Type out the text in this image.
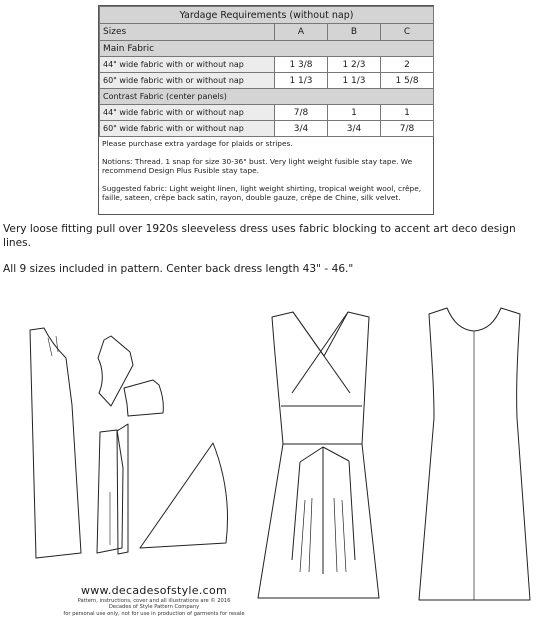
Yardage Requirements (without nap)			
Sizes	A	B	C
Main Fabric			
44" wide fabric with or without nap	1 3/8	1 2/3	2
60" wide fabric with or without nap	1 1/3	1 1/3	1 5/8
Contrast Fabric (center panels)			
44" wide fabric with or without nap	7/8	1	1
60" wide fabric with or without nap	3/4	3/4	7/8

Please purchase extra yardage for plaids or stripes.

Notions: Thread. 1 snap for size 30-36" bust. Very light weight fusible stay tape. We recommend Design Plus Fusible stay tape.

Suggested fabric: Light weight linen, light weight shirting, tropical weight wool, crêpe, faille, sateen, crêpe back satin, rayon, double gauze, crêpe de Chine, silk velvet.

Very loose fitting pull over 1920s sleeveless dress uses fabric blocking to accent art deco design lines.

All 9 sizes included in pattern. Center back dress length 43" - 46."

www.decadesofstyle.com
Pattern, instructions, cover and all illustrations are © 2016
Decades of Style Pattern Company
for personal use only, not for use in production of garments for resale
